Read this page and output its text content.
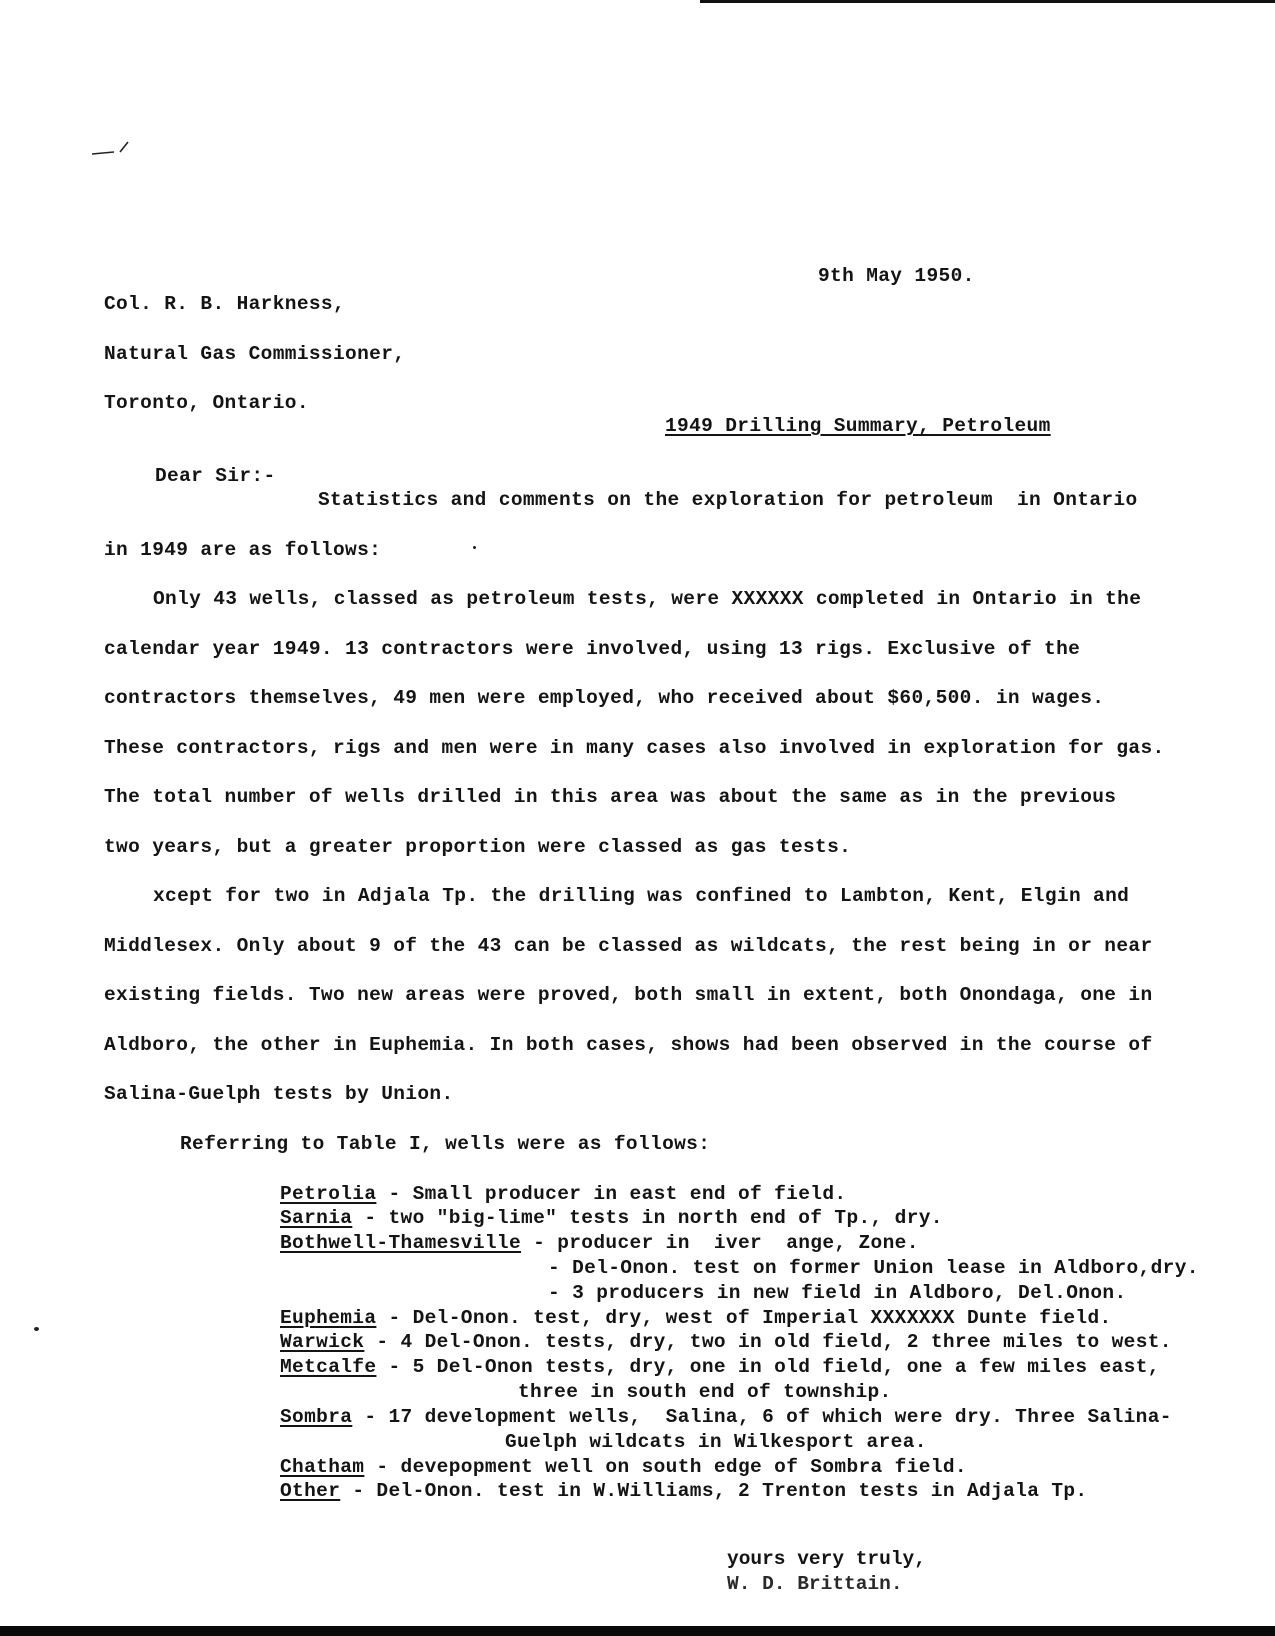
9th May 1950.
Col. R. B. Harkness,
Natural Gas Commissioner,
Toronto, Ontario.
1949 Drilling Summary, Petroleum
Dear Sir:-
Statistics and comments on the exploration for petroleum  in Ontario
in 1949 are as follows:
Only 43 wells, classed as petroleum tests, were XXXXXX completed in Ontario in the
calendar year 1949. 13 contractors were involved, using 13 rigs. Exclusive of the
contractors themselves, 49 men were employed, who received about $60,500. in wages.
These contractors, rigs and men were in many cases also involved in exploration for gas.
The total number of wells drilled in this area was about the same as in the previous
two years, but a greater proportion were classed as gas tests.
xcept for two in Adjala Tp. the drilling was confined to Lambton, Kent, Elgin and
Middlesex. Only about 9 of the 43 can be classed as wildcats, the rest being in or near
existing fields. Two new areas were proved, both small in extent, both Onondaga, one in
Aldboro, the other in Euphemia. In both cases, shows had been observed in the course of
Salina-Guelph tests by Union.
Referring to Table I, wells were as follows:
Petrolia - Small producer in east end of field.
Sarnia - two "big-lime" tests in north end of Tp., dry.
Bothwell-Thamesville - producer in  iver  ange, Zone.
- Del-Onon. test on former Union lease in Aldboro,dry.
- 3 producers in new field in Aldboro, Del.Onon.
Euphemia - Del-Onon. test, dry, west of Imperial XXXXXXX Dunte field.
Warwick - 4 Del-Onon. tests, dry, two in old field, 2 three miles to west.
Metcalfe - 5 Del-Onon tests, dry, one in old field, one a few miles east,
three in south end of township.
Sombra - 17 development wells,  Salina, 6 of which were dry. Three Salina-
Guelph wildcats in Wilkesport area.
Chatham - devepopment well on south edge of Sombra field.
Other - Del-Onon. test in W.Williams, 2 Trenton tests in Adjala Tp.
yours very truly,
W. D. Brittain.
